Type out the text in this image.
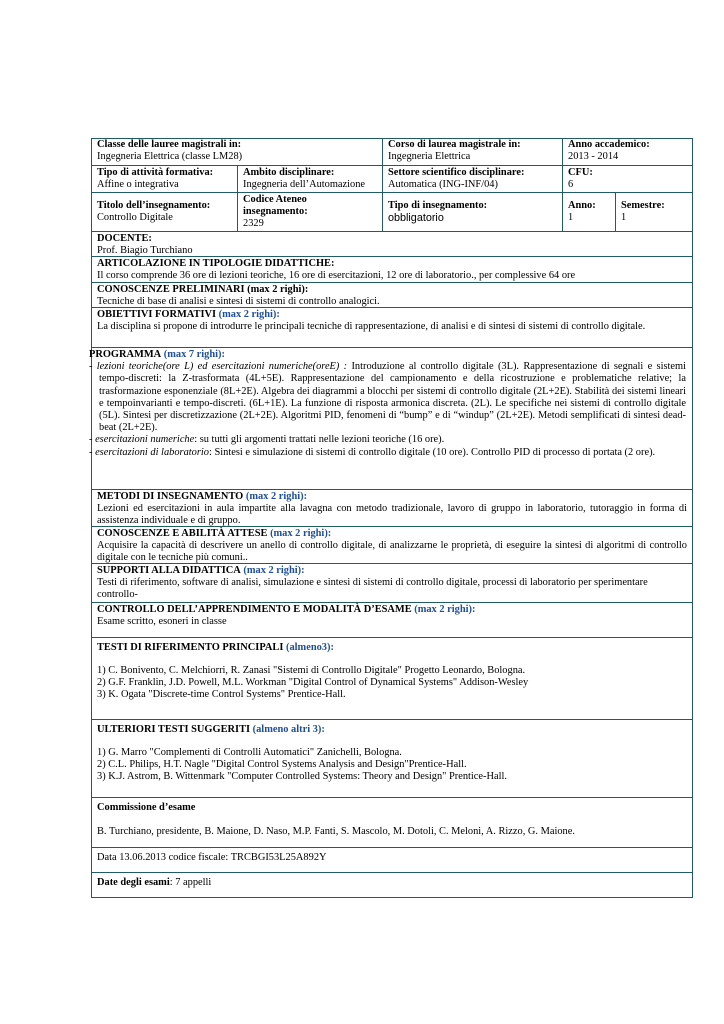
Classe delle lauree magistrali in:
Ingegneria Elettrica (classe LM28)
Corso di laurea magistrale in:
Ingegneria Elettrica
Anno accademico:
2013 - 2014
Tipo di attività formativa:
Affine o integrativa
Ambito disciplinare:
Ingegneria dell’Automazione
Settore scientifico disciplinare:
Automatica (ING-INF/04)
CFU:
6
Titolo dell’insegnamento:
Controllo Digitale
Codice Ateneo
insegnamento:
2329
Tipo di insegnamento:
obbligatorio
Anno:
1
Semestre:
1
DOCENTE:
Prof. Biagio Turchiano
ARTICOLAZIONE IN TIPOLOGIE DIDATTICHE:
Il corso comprende 36 ore di lezioni teoriche, 16 ore di esercitazioni, 12 ore di laboratorio., per complessive 64 ore
CONOSCENZE PRELIMINARI (max 2 righi):
Tecniche di base di analisi e sintesi di sistemi di controllo analogici.
OBIETTIVI FORMATIVI (max 2 righi):
La disciplina si propone di introdurre le principali tecniche di rappresentazione, di analisi e di sintesi di sistemi di controllo digitale.
PROGRAMMA (max 7 righi):

- lezioni teoriche(ore L) ed esercitazioni numeriche(oreE) : Introduzione al controllo digitale (3L). Rappresentazione di segnali e sistemi tempo-discreti: la Z-trasformata (4L+5E). Rappresentazione del campionamento e della ricostruzione e problematiche relative; la trasformazione esponenziale (8L+2E). Algebra dei diagrammi a blocchi per sistemi di controllo digitale (2L+2E). Stabilità dei sistemi lineari e tempoinvarianti e tempo-discreti. (6L+1E). La funzione di risposta armonica discreta. (2L). Le specifiche nei sistemi di controllo digitale (5L). Sintesi per discretizzazione (2L+2E). Algoritmi PID, fenomeni di “bump” e di “windup” (2L+2E). Metodi semplificati di sintesi dead-beat (2L+2E).

- esercitazioni numeriche: su tutti gli argomenti trattati nelle lezioni teoriche (16 ore).

- esercitazioni di laboratorio: Sintesi e simulazione di sistemi di controllo digitale (10 ore). Controllo PID di processo di portata (2 ore).

METODI DI INSEGNAMENTO (max 2 righi):
Lezioni ed esercitazioni in aula impartite alla lavagna con metodo tradizionale, lavoro di gruppo in laboratorio, tutoraggio in forma di assistenza individuale e di gruppo.
CONOSCENZE E ABILITÀ ATTESE (max 2 righi):
Acquisire la capacità di descrivere un anello di controllo digitale, di analizzarne le proprietà, di eseguire la sintesi di algoritmi di controllo digitale con le tecniche più comuni..
SUPPORTI ALLA DIDATTICA (max 2 righi):
Testi di riferimento, software di analisi, simulazione e sintesi di sistemi di controllo digitale, processi di laboratorio per sperimentare controllo-
CONTROLLO DELL’APPRENDIMENTO E MODALITÀ D’ESAME (max 2 righi):
Esame scritto, esoneri in classe
TESTI DI RIFERIMENTO PRINCIPALI (almeno3):
1) C. Bonivento, C. Melchiorri, R. Zanasi "Sistemi di Controllo Digitale" Progetto Leonardo, Bologna.
2) G.F. Franklin, J.D. Powell, M.L. Workman "Digital Control of Dynamical Systems" Addison-Wesley
3) K. Ogata "Discrete-time Control Systems" Prentice-Hall.
ULTERIORI TESTI SUGGERITI (almeno altri 3):
1) G. Marro "Complementi di Controlli Automatici" Zanichelli, Bologna.
2) C.L. Philips, H.T. Nagle "Digital Control Systems Analysis and Design"Prentice-Hall.
3) K.J. Astrom, B. Wittenmark "Computer Controlled Systems: Theory and Design" Prentice-Hall.
Commissione d’esame
B. Turchiano, presidente, B. Maione, D. Naso, M.P. Fanti, S. Mascolo, M. Dotoli, C. Meloni, A. Rizzo, G. Maione.
Data 13.06.2013 codice fiscale: TRCBGI53L25A892Y
Date degli esami: 7 appelli
